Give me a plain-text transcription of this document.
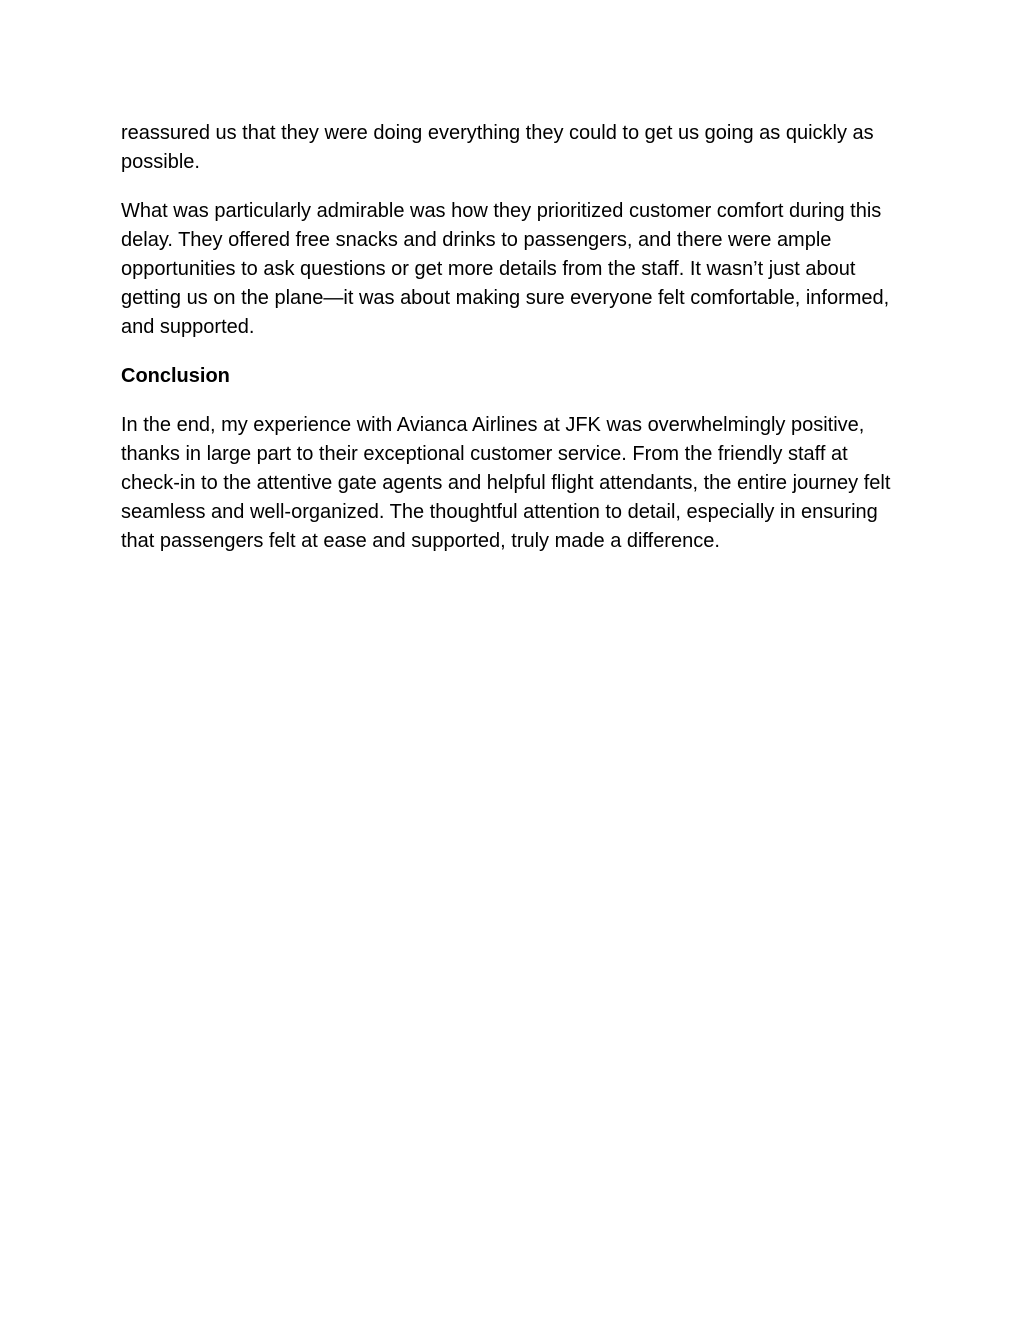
reassured us that they were doing everything they could to get us going as quickly as possible.

What was particularly admirable was how they prioritized customer comfort during this delay. They offered free snacks and drinks to passengers, and there were ample opportunities to ask questions or get more details from the staff. It wasn’t just about getting us on the plane—it was about making sure everyone felt comfortable, informed, and supported.

Conclusion

In the end, my experience with Avianca Airlines at JFK was overwhelmingly positive, thanks in large part to their exceptional customer service. From the friendly staff at check-in to the attentive gate agents and helpful flight attendants, the entire journey felt seamless and well-organized. The thoughtful attention to detail, especially in ensuring that passengers felt at ease and supported, truly made a difference.
